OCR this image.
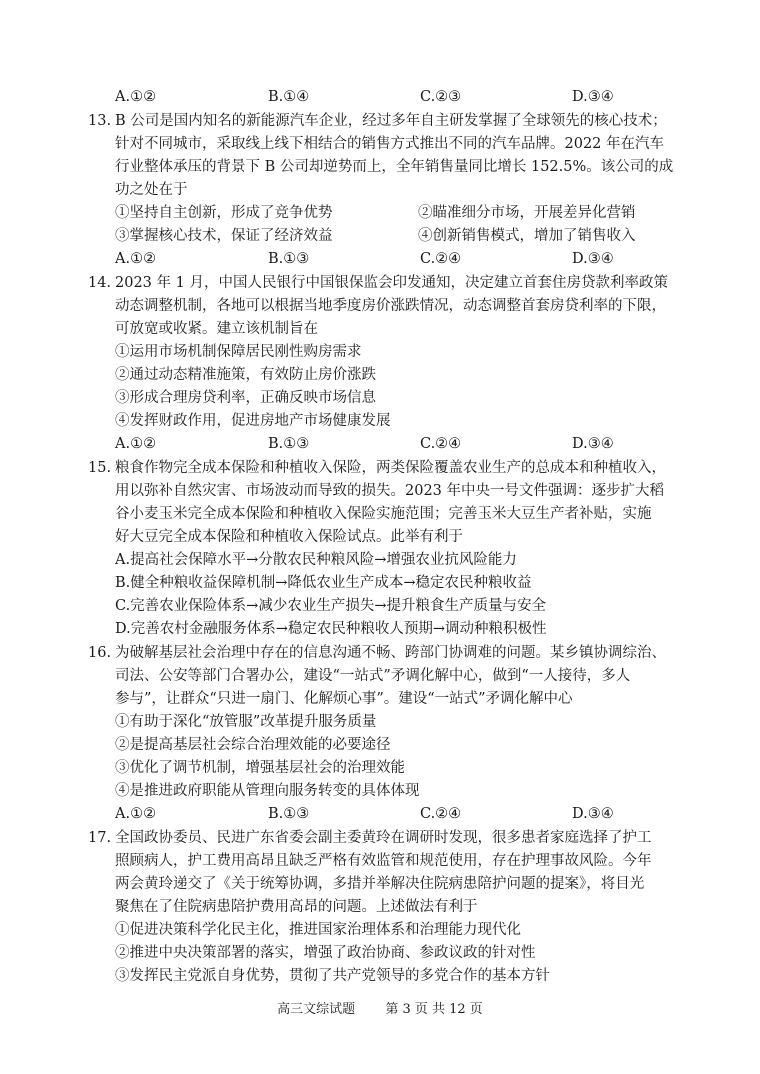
A.①②	B.①④	C.②③	D.③④
13. B 公司是国内知名的新能源汽车企业，经过多年自主研发掌握了全球领先的核心技术；
针对不同城市，采取线上线下相结合的销售方式推出不同的汽车品牌。2022 年在汽车
行业整体承压的背景下 B 公司却逆势而上，全年销售量同比增长 152.5%。该公司的成
功之处在于
①坚持自主创新，形成了竞争优势	②瞄准细分市场，开展差异化营销
③掌握核心技术，保证了经济效益	④创新销售模式，增加了销售收入
A.①②	B.①③	C.②④	D.③④
14. 2023 年 1 月，中国人民银行中国银保监会印发通知，决定建立首套住房贷款利率政策
动态调整机制，各地可以根据当地季度房价涨跌情况，动态调整首套房贷利率的下限，
可放宽或收紧。建立该机制旨在
①运用市场机制保障居民刚性购房需求
②通过动态精准施策，有效防止房价涨跌
③形成合理房贷利率，正确反映市场信息
④发挥财政作用，促进房地产市场健康发展
A.①②	B.①③	C.②④	D.③④
15. 粮食作物完全成本保险和种植收入保险，两类保险覆盖农业生产的总成本和种植收入，
用以弥补自然灾害、市场波动而导致的损失。2023 年中央一号文件强调：逐步扩大稻
谷小麦玉米完全成本保险和种植收入保险实施范围；完善玉米大豆生产者补贴，实施
好大豆完全成本保险和种植收入保险试点。此举有利于
A.提高社会保障水平→分散农民种粮风险→增强农业抗风险能力
B.健全种粮收益保障机制→降低农业生产成本→稳定农民种粮收益
C.完善农业保险体系→减少农业生产损失→提升粮食生产质量与安全
D.完善农村金融服务体系→稳定农民种粮收人预期→调动种粮积极性
16. 为破解基层社会治理中存在的信息沟通不畅、跨部门协调难的问题。某乡镇协调综治、
司法、公安等部门合署办公，建设“一站式”矛调化解中心，做到“一人接待，多人
参与”，让群众“只进一扇门、化解烦心事”。建设“一站式”矛调化解中心
①有助于深化“放管服”改革提升服务质量
②是提高基层社会综合治理效能的必要途径
③优化了调节机制，增强基层社会的治理效能
④是推进政府职能从管理向服务转变的具体体现
A.①②	B.①③	C.②④	D.③④
17. 全国政协委员、民进广东省委会副主委黄玲在调研时发现，很多患者家庭选择了护工
照顾病人，护工费用高昂且缺乏严格有效监管和规范使用，存在护理事故风险。今年
两会黄玲递交了《关于统筹协调，多措并举解决住院病患陪护问题的提案》，将目光
聚焦在了住院病患陪护费用高昂的问题。上述做法有利于
①促进决策科学化民主化，推进国家治理体系和治理能力现代化
②推进中央决策部署的落实，增强了政治协商、参政议政的针对性
③发挥民主党派自身优势，贯彻了共产党领导的多党合作的基本方针
高三文综试题 第 3 页 共 12 页
